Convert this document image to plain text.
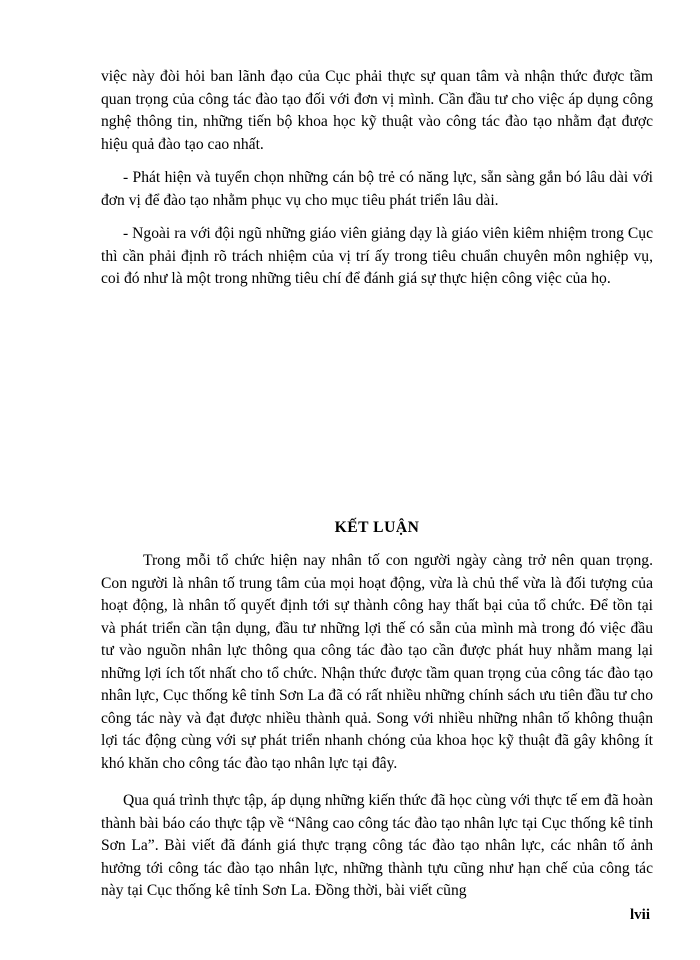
việc này đòi hỏi ban lãnh đạo của Cục phải thực sự quan tâm và nhận thức được tầm quan trọng của công tác đào tạo đối với đơn vị mình. Cần đầu tư cho việc áp dụng công nghệ thông tin, những tiến bộ khoa học kỹ thuật vào công tác đào tạo nhằm đạt được hiệu quả đào tạo cao nhất.

- Phát hiện và tuyển chọn những cán bộ trẻ có năng lực, sẵn sàng gắn bó lâu dài với đơn vị để đào tạo nhằm phục vụ cho mục tiêu phát triển lâu dài.

- Ngoài ra với đội ngũ những giáo viên giảng dạy là giáo viên kiêm nhiệm trong Cục thì cần phải định rõ trách nhiệm của vị trí ấy trong tiêu chuẩn chuyên môn nghiệp vụ, coi đó như là một trong những tiêu chí để đánh giá sự thực hiện công việc của họ.

KẾT LUẬN

Trong mỗi tổ chức hiện nay nhân tố con người ngày càng trở nên quan trọng. Con người là nhân tố trung tâm của mọi hoạt động, vừa là chủ thể vừa là đối tượng của hoạt động, là nhân tố quyết định tới sự thành công hay thất bại của tổ chức. Để tồn tại và phát triển cần tận dụng, đầu tư những lợi thế có sẵn của mình mà trong đó việc đầu tư vào nguồn nhân lực thông qua công tác đào tạo cần được phát huy nhằm mang lại những lợi ích tốt nhất cho tổ chức. Nhận thức được tầm quan trọng của công tác đào tạo nhân lực, Cục thống kê tỉnh Sơn La đã có rất nhiều những chính sách ưu tiên đầu tư cho công tác này và đạt được nhiều thành quả. Song với nhiều những nhân tố không thuận lợi tác động cùng với sự phát triển nhanh chóng của khoa học kỹ thuật đã gây không ít khó khăn cho công tác đào tạo nhân lực tại đây.

Qua quá trình thực tập, áp dụng những kiến thức đã học cùng với thực tế em đã hoàn thành bài báo cáo thực tập về “Nâng cao công tác đào tạo nhân lực tại Cục thống kê tỉnh Sơn La”. Bài viết đã đánh giá thực trạng công tác đào tạo nhân lực, các nhân tố ảnh hưởng tới công tác đào tạo nhân lực, những thành tựu cũng như hạn chế của công tác này tại Cục thống kê tỉnh Sơn La. Đồng thời, bài viết cũng

lvii
